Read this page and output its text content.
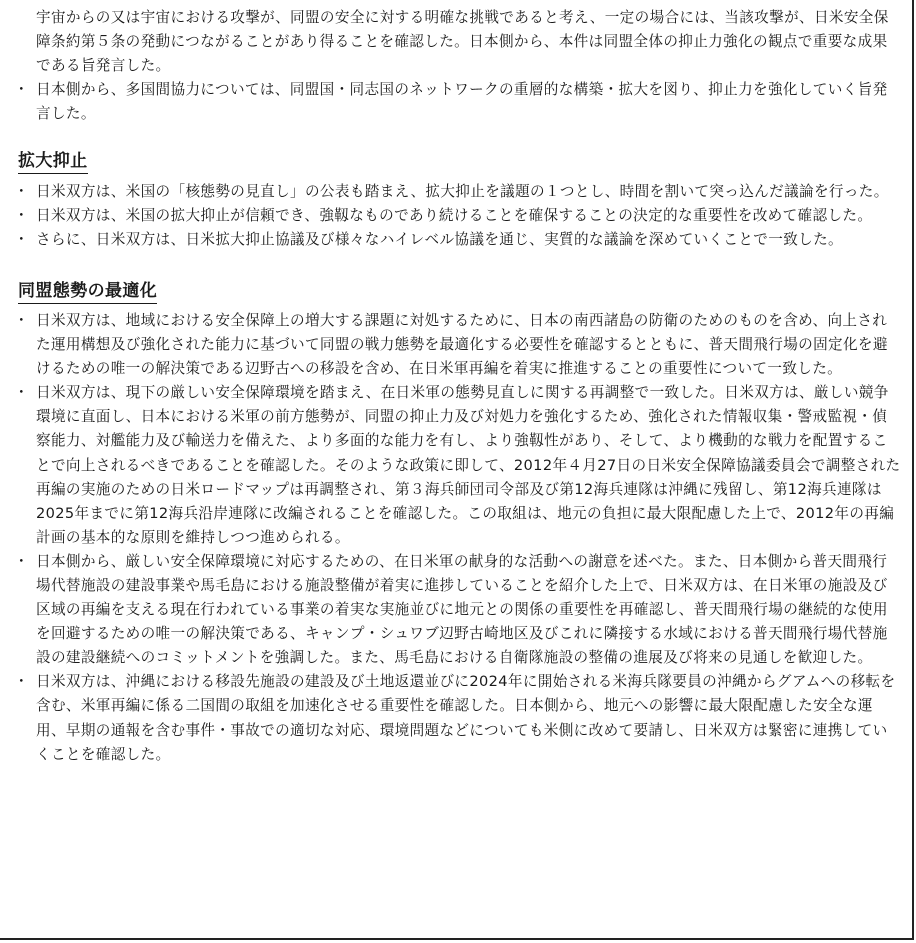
宇宙からの又は宇宙における攻撃が、同盟の安全に対する明確な挑戦であると考え、一定の場合には、当該攻撃が、日米安全保障条約第５条の発動につながることがあり得ることを確認した。日本側から、本件は同盟全体の抑止力強化の観点で重要な成果である旨発言した。

・ 日本側から、多国間協力については、同盟国・同志国のネットワークの重層的な構築・拡大を図り、抑止力を強化していく旨発言した。
拡大抑止
・ 日米双方は、米国の「核態勢の見直し」の公表も踏まえ、拡大抑止を議題の１つとし、時間を割いて突っ込んだ議論を行った。
・ 日米双方は、米国の拡大抑止が信頼でき、強靱なものであり続けることを確保することの決定的な重要性を改めて確認した。
・ さらに、日米双方は、日米拡大抑止協議及び様々なハイレベル協議を通じ、実質的な議論を深めていくことで一致した。
同盟態勢の最適化
・ 日米双方は、地域における安全保障上の増大する課題に対処するために、日本の南西諸島の防衛のためのものを含め、向上された運用構想及び強化された能力に基づいて同盟の戦力態勢を最適化する必要性を確認するとともに、普天間飛行場の固定化を避けるための唯一の解決策である辺野古への移設を含め、在日米軍再編を着実に推進することの重要性について一致した。
・ 日米双方は、現下の厳しい安全保障環境を踏まえ、在日米軍の態勢見直しに関する再調整で一致した。日米双方は、厳しい競争環境に直面し、日本における米軍の前方態勢が、同盟の抑止力及び対処力を強化するため、強化された情報収集・警戒監視・偵察能力、対艦能力及び輸送力を備えた、より多面的な能力を有し、より強靱性があり、そして、より機動的な戦力を配置することで向上されるべきであることを確認した。そのような政策に即して、2012年４月27日の日米安全保障協議委員会で調整された再編の実施のための日米ロードマップは再調整され、第３海兵師団司令部及び第12海兵連隊は沖縄に残留し、第12海兵連隊は2025年までに第12海兵沿岸連隊に改編されることを確認した。この取組は、地元の負担に最大限配慮した上で、2012年の再編計画の基本的な原則を維持しつつ進められる。
・ 日本側から、厳しい安全保障環境に対応するための、在日米軍の献身的な活動への謝意を述べた。また、日本側から普天間飛行場代替施設の建設事業や馬毛島における施設整備が着実に進捗していることを紹介した上で、日米双方は、在日米軍の施設及び区域の再編を支える現在行われている事業の着実な実施並びに地元との関係の重要性を再確認し、普天間飛行場の継続的な使用を回避するための唯一の解決策である、キャンプ・シュワブ辺野古崎地区及びこれに隣接する水域における普天間飛行場代替施設の建設継続へのコミットメントを強調した。また、馬毛島における自衛隊施設の整備の進展及び将来の見通しを歓迎した。
・ 日米双方は、沖縄における移設先施設の建設及び土地返還並びに2024年に開始される米海兵隊要員の沖縄からグアムへの移転を含む、米軍再編に係る二国間の取組を加速化させる重要性を確認した。日本側から、地元への影響に最大限配慮した安全な運用、早期の通報を含む事件・事故での適切な対応、環境問題などについても米側に改めて要請し、日米双方は緊密に連携していくことを確認した。
